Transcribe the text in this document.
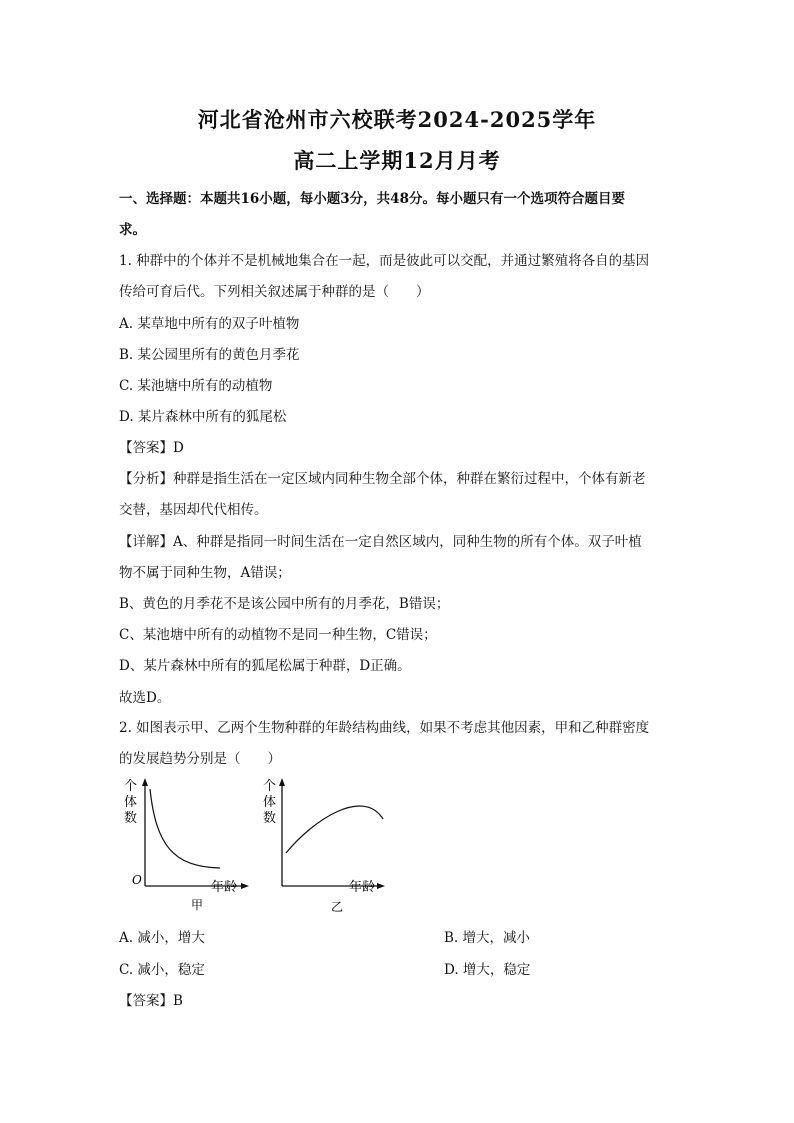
河北省沧州市六校联考2024-2025学年
高二上学期12月月考
一、选择题：本题共16小题，每小题3分，共48分。每小题只有一个选项符合题目要
求。
1. 种群中的个体并不是机械地集合在一起，而是彼此可以交配，并通过繁殖将各自的基因
传给可育后代。下列相关叙述属于种群的是（　　）
A. 某草地中所有的双子叶植物
B. 某公园里所有的黄色月季花
C. 某池塘中所有的动植物
D. 某片森林中所有的狐尾松
【答案】D
【分析】种群是指生活在一定区域内同种生物全部个体，种群在繁衍过程中，个体有新老
交替，基因却代代相传。
【详解】A、种群是指同一时间生活在一定自然区域内，同种生物的所有个体。双子叶植
物不属于同种生物，A错误；
B、黄色的月季花不是该公园中所有的月季花，B错误；
C、某池塘中所有的动植物不是同一种生物，C错误；
D、某片森林中所有的狐尾松属于种群，D正确。
故选D。
2. 如图表示甲、乙两个生物种群的年龄结构曲线，如果不考虑其他因素，甲和乙种群密度
的发展趋势分别是（　　）
个
体
数
O	年龄
甲
个
体
数
年龄
乙
A. 减小，增大	B. 增大，减小
C. 减小，稳定	D. 增大，稳定
【答案】B
